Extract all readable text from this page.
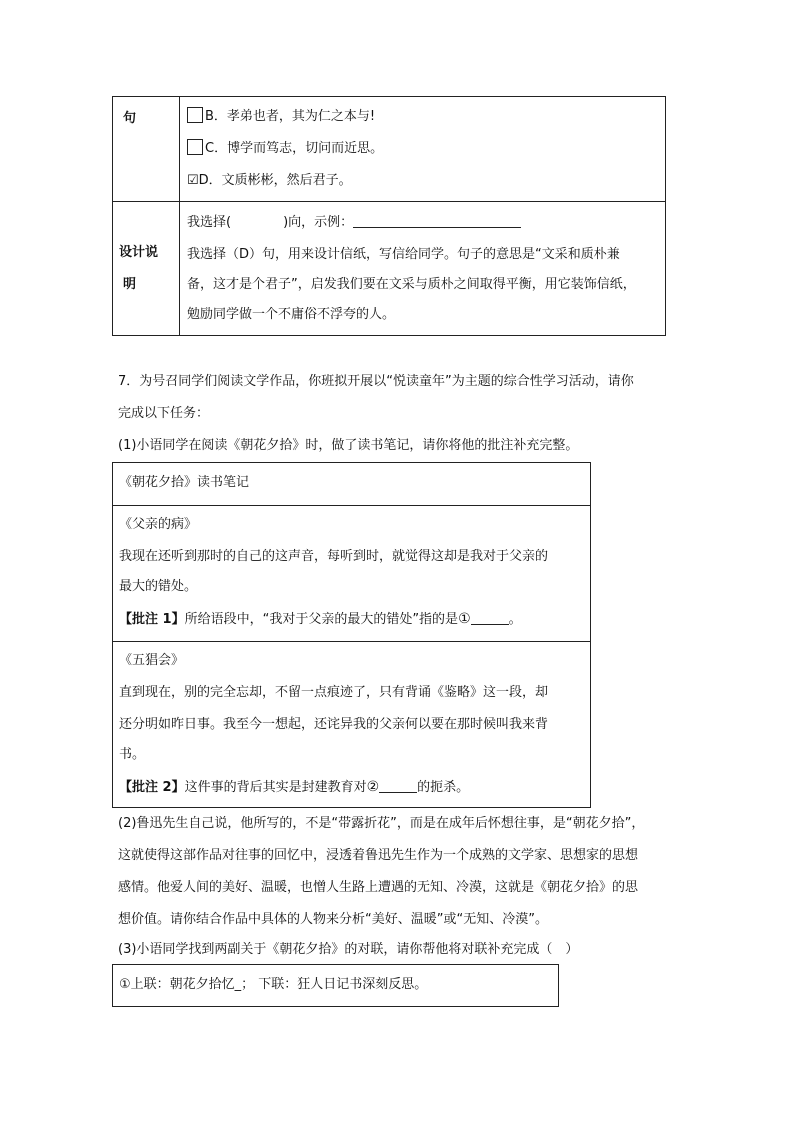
句	B．孝弟也者，其为仁之本与!
C．博学而笃志，切问而近思。
☑D．文质彬彬，然后君子。
设计说
明
我选择(	)向，示例：
我选择（D）句，用来设计信纸，写信给同学。句子的意思是“文采和质朴兼
备，这才是个君子”，启发我们要在文采与质朴之间取得平衡，用它装饰信纸，
勉励同学做一个不庸俗不浮夸的人。
7．为号召同学们阅读文学作品，你班拟开展以“悦读童年”为主题的综合性学习活动，请你
完成以下任务：
(1)小语同学在阅读《朝花夕拾》时，做了读书笔记，请你将他的批注补充完整。
《朝花夕拾》读书笔记
《父亲的病》
我现在还听到那时的自己的这声音，每听到时，就觉得这却是我对于父亲的
最大的错处。
【批注 1】所给语段中，“我对于父亲的最大的错处”指的是①	。
《五猖会》
直到现在，别的完全忘却，不留一点痕迹了，只有背诵《鉴略》这一段，却
还分明如昨日事。我至今一想起，还诧异我的父亲何以要在那时候叫我来背
书。
【批注 2】这件事的背后其实是封建教育对②	的扼杀。
(2)鲁迅先生自己说，他所写的，不是“带露折花”，而是在成年后怀想往事，是“朝花夕拾”，
这就使得这部作品对往事的回忆中，浸透着鲁迅先生作为一个成熟的文学家、思想家的思想
感情。他爱人间的美好、温暖，也憎人生路上遭遇的无知、冷漠，这就是《朝花夕拾》的思
想价值。请你结合作品中具体的人物来分析“美好、温暖”或“无知、冷漠”。
(3)小语同学找到两副关于《朝花夕拾》的对联，请你帮他将对联补充完成（　）
①上联：朝花夕拾忆_； 下联：狂人日记书深刻反思。
